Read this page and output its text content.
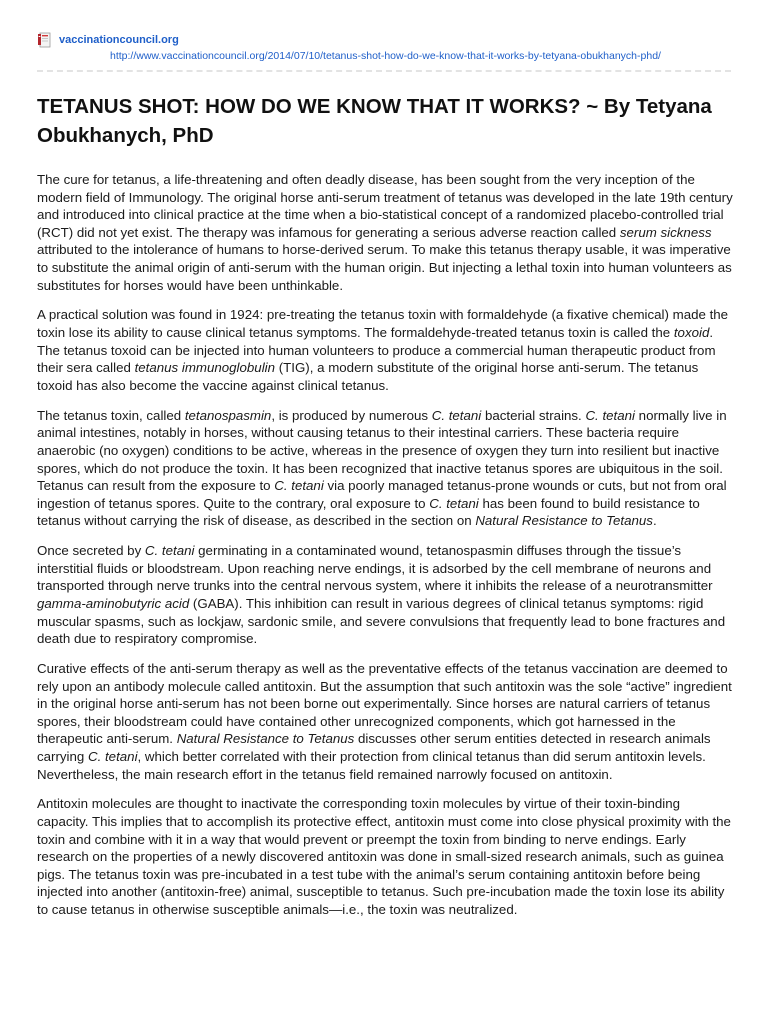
vaccinationcouncil.org
http://www.vaccinationcouncil.org/2014/07/10/tetanus-shot-how-do-we-know-that-it-works-by-tetyana-obukhanych-phd/
TETANUS SHOT: HOW DO WE KNOW THAT IT WORKS? ~ By Tetyana Obukhanych, PhD

The cure for tetanus, a life-threatening and often deadly disease, has been sought from the very inception of the modern field of Immunology. The original horse anti-serum treatment of tetanus was developed in the late 19th century and introduced into clinical practice at the time when a bio-statistical concept of a randomized placebo-controlled trial (RCT) did not yet exist. The therapy was infamous for generating a serious adverse reaction called serum sickness attributed to the intolerance of humans to horse-derived serum. To make this tetanus therapy usable, it was imperative to substitute the animal origin of anti-serum with the human origin. But injecting a lethal toxin into human volunteers as substitutes for horses would have been unthinkable.

A practical solution was found in 1924: pre-treating the tetanus toxin with formaldehyde (a fixative chemical) made the toxin lose its ability to cause clinical tetanus symptoms. The formaldehyde-treated tetanus toxin is called the toxoid. The tetanus toxoid can be injected into human volunteers to produce a commercial human therapeutic product from their sera called tetanus immunoglobulin (TIG), a modern substitute of the original horse anti-serum. The tetanus toxoid has also become the vaccine against clinical tetanus.

The tetanus toxin, called tetanospasmin, is produced by numerous C. tetani bacterial strains. C. tetani normally live in animal intestines, notably in horses, without causing tetanus to their intestinal carriers. These bacteria require anaerobic (no oxygen) conditions to be active, whereas in the presence of oxygen they turn into resilient but inactive spores, which do not produce the toxin. It has been recognized that inactive tetanus spores are ubiquitous in the soil. Tetanus can result from the exposure to C. tetani via poorly managed tetanus-prone wounds or cuts, but not from oral ingestion of tetanus spores. Quite to the contrary, oral exposure to C. tetani has been found to build resistance to tetanus without carrying the risk of disease, as described in the section on Natural Resistance to Tetanus.

Once secreted by C. tetani germinating in a contaminated wound, tetanospasmin diffuses through the tissue’s interstitial fluids or bloodstream. Upon reaching nerve endings, it is adsorbed by the cell membrane of neurons and transported through nerve trunks into the central nervous system, where it inhibits the release of a neurotransmitter gamma-aminobutyric acid (GABA). This inhibition can result in various degrees of clinical tetanus symptoms: rigid muscular spasms, such as lockjaw, sardonic smile, and severe convulsions that frequently lead to bone fractures and death due to respiratory compromise.

Curative effects of the anti-serum therapy as well as the preventative effects of the tetanus vaccination are deemed to rely upon an antibody molecule called antitoxin. But the assumption that such antitoxin was the sole “active” ingredient in the original horse anti-serum has not been borne out experimentally. Since horses are natural carriers of tetanus spores, their bloodstream could have contained other unrecognized components, which got harnessed in the therapeutic anti-serum. Natural Resistance to Tetanus discusses other serum entities detected in research animals carrying C. tetani, which better correlated with their protection from clinical tetanus than did serum antitoxin levels. Nevertheless, the main research effort in the tetanus field remained narrowly focused on antitoxin.

Antitoxin molecules are thought to inactivate the corresponding toxin molecules by virtue of their toxin-binding capacity. This implies that to accomplish its protective effect, antitoxin must come into close physical proximity with the toxin and combine with it in a way that would prevent or preempt the toxin from binding to nerve endings. Early research on the properties of a newly discovered antitoxin was done in small-sized research animals, such as guinea pigs. The tetanus toxin was pre-incubated in a test tube with the animal’s serum containing antitoxin before being injected into another (antitoxin-free) animal, susceptible to tetanus. Such pre-incubation made the toxin lose its ability to cause tetanus in otherwise susceptible animals—i.e., the toxin was neutralized.
